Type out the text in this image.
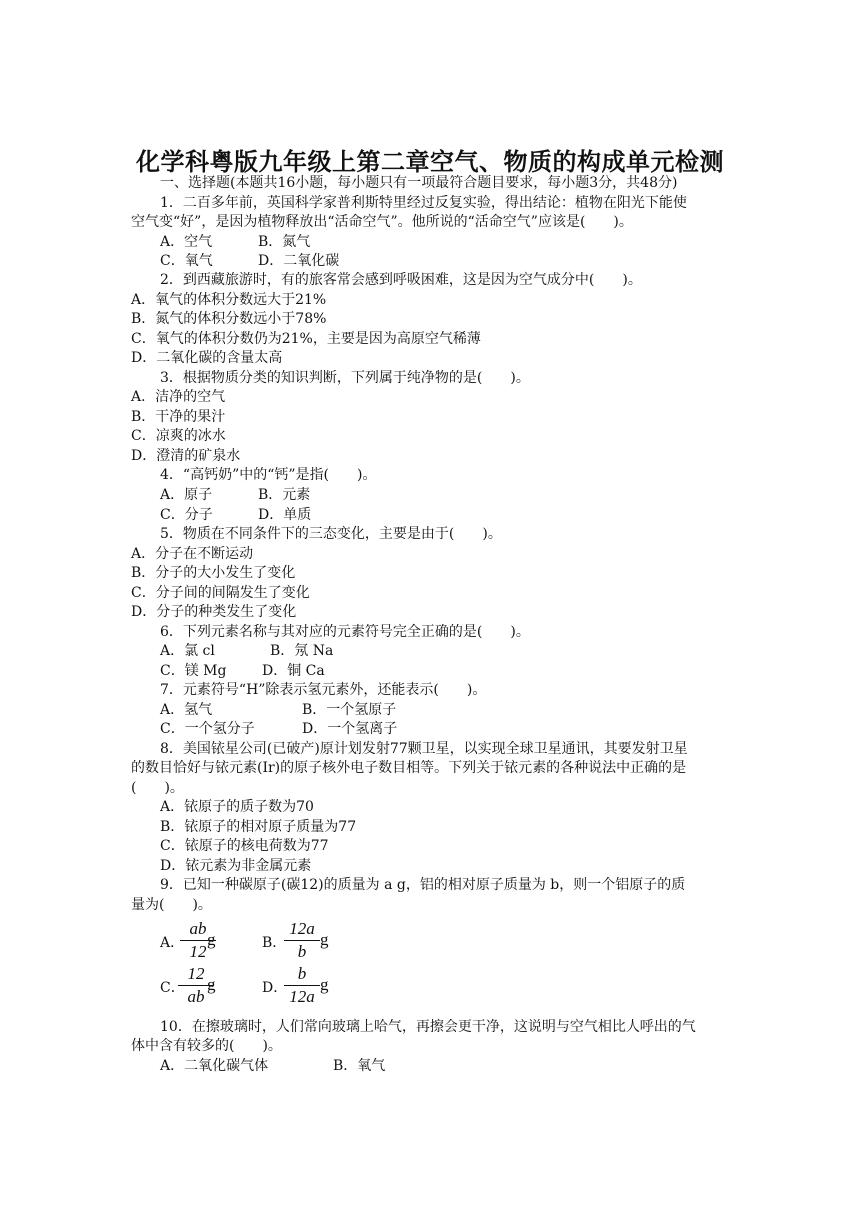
化学科粤版九年级上第二章空气、物质的构成单元检测
一、选择题(本题共16小题，每小题只有一项最符合题目要求，每小题3分，共48分)
1．二百多年前，英国科学家普利斯特里经过反复实验，得出结论：植物在阳光下能使
空气变“好”，是因为植物释放出“活命空气”。他所说的“活命空气”应该是(　　)。
A．空气	B．氮气
C．氧气	D．二氧化碳
2．到西藏旅游时，有的旅客常会感到呼吸困难，这是因为空气成分中(　　)。
A．氧气的体积分数远大于21%
B．氮气的体积分数远小于78%
C．氧气的体积分数仍为21%，主要是因为高原空气稀薄
D．二氧化碳的含量太高
3．根据物质分类的知识判断，下列属于纯净物的是(　　)。
A．洁净的空气
B．干净的果汁
C．凉爽的冰水
D．澄清的矿泉水
4．“高钙奶”中的“钙”是指(　　)。
A．原子	B．元素
C．分子	D．单质
5．物质在不同条件下的三态变化，主要是由于(　　)。
A．分子在不断运动
B．分子的大小发生了变化
C．分子间的间隔发生了变化
D．分子的种类发生了变化
6．下列元素名称与其对应的元素符号完全正确的是(　　)。
A．氯 cl	B．氖 Na
C．镁 Mg	D．铜 Ca
7．元素符号“H”除表示氢元素外，还能表示(　　)。
A．氢气	B．一个氢原子
C．一个氢分子	D．一个氢离子
8．美国铱星公司(已破产)原计划发射77颗卫星，以实现全球卫星通讯，其要发射卫星
的数目恰好与铱元素(Ir)的原子核外电子数目相等。下列关于铱元素的各种说法中正确的是
(　　)。
A．铱原子的质子数为70
B．铱原子的相对原子质量为77
C．铱原子的核电荷数为77
D．铱元素为非金属元素
9．已知一种碳原子(碳12)的质量为 a g，铝的相对原子质量为 b，则一个铝原子的质
量为(　　)。
A．
ab
12
g	B．
12a
b
g
C．
12
ab
g	D．
b
12a
g
10．在擦玻璃时，人们常向玻璃上哈气，再擦会更干净，这说明与空气相比人呼出的气
体中含有较多的(　　)。
A．二氧化碳气体	B．氧气
